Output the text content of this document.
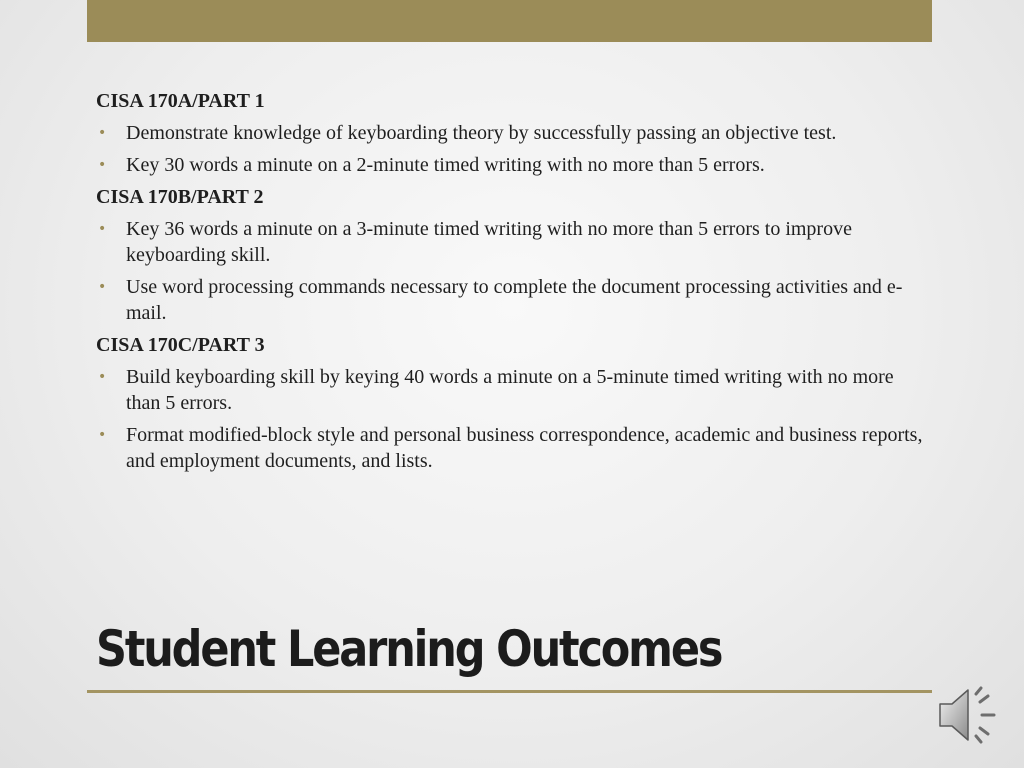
CISA 170A/PART 1
• Demonstrate knowledge of keyboarding theory by successfully passing an objective test.
• Key 30 words a minute on a 2-minute timed writing with no more than 5 errors.
CISA 170B/PART 2
• Key 36 words a minute on a 3-minute timed writing with no more than 5 errors to improve keyboarding skill.
• Use word processing commands necessary to complete the document processing activities and e-mail.
CISA 170C/PART 3
• Build keyboarding skill by keying 40 words a minute on a 5-minute timed writing with no more than 5 errors.
• Format modified-block style and personal business correspondence, academic and business reports, and employment documents, and lists.
Student Learning Outcomes
